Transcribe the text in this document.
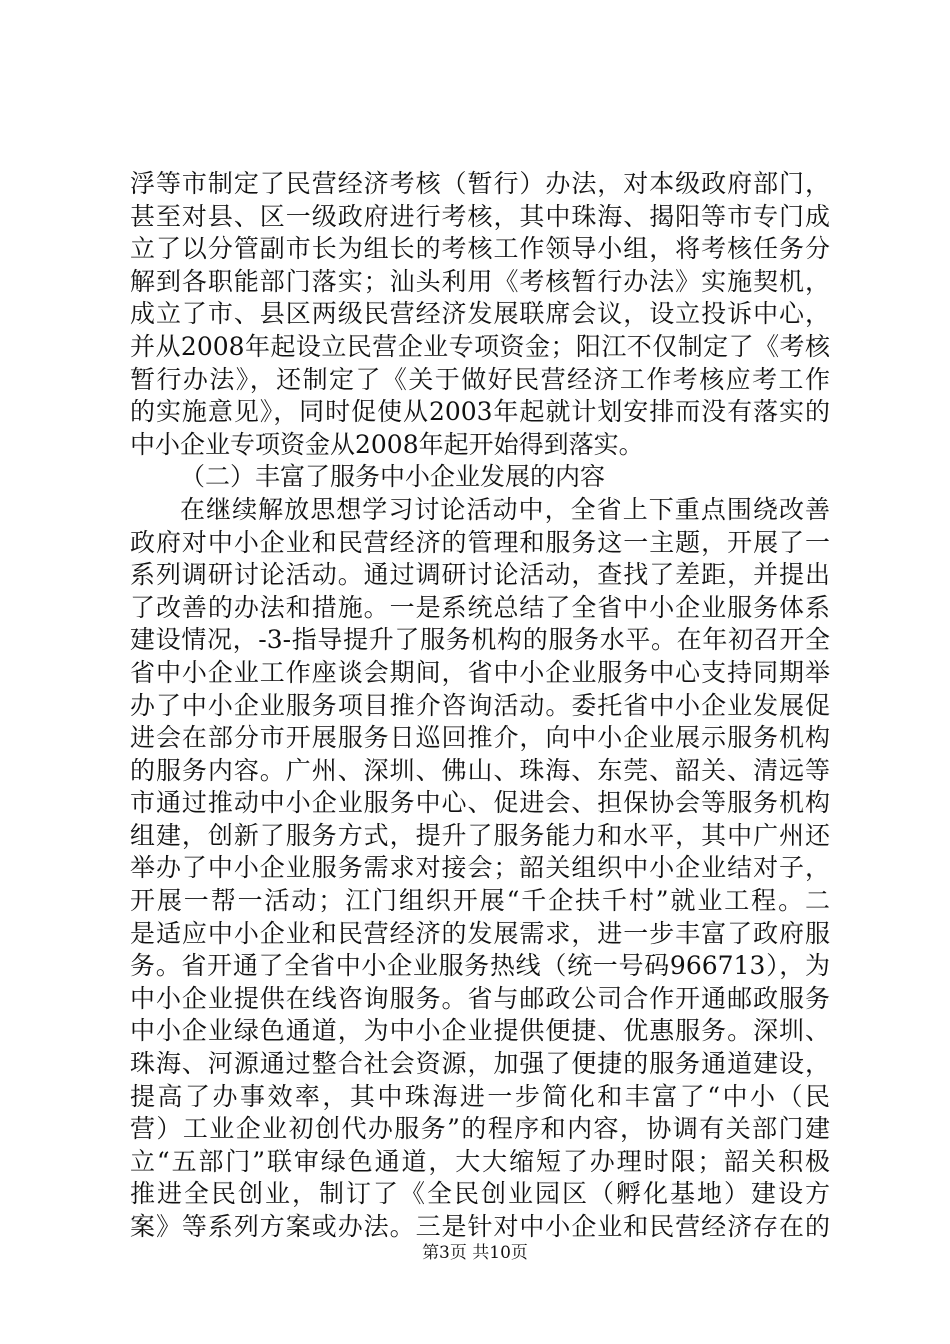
浮等市制定了民营经济考核（暂行）办法，对本级政府部门，
甚至对县、区一级政府进行考核，其中珠海、揭阳等市专门成
立了以分管副市长为组长的考核工作领导小组，将考核任务分
解到各职能部门落实；汕头利用《考核暂行办法》实施契机，
成立了市、县区两级民营经济发展联席会议，设立投诉中心，
并从2008年起设立民营企业专项资金；阳江不仅制定了《考核
暂行办法》，还制定了《关于做好民营经济工作考核应考工作
的实施意见》，同时促使从2003年起就计划安排而没有落实的
中小企业专项资金从2008年起开始得到落实。
（二）丰富了服务中小企业发展的内容
在继续解放思想学习讨论活动中，全省上下重点围绕改善
政府对中小企业和民营经济的管理和服务这一主题，开展了一
系列调研讨论活动。通过调研讨论活动，查找了差距，并提出
了改善的办法和措施。一是系统总结了全省中小企业服务体系
建设情况，-3-指导提升了服务机构的服务水平。在年初召开全
省中小企业工作座谈会期间，省中小企业服务中心支持同期举
办了中小企业服务项目推介咨询活动。委托省中小企业发展促
进会在部分市开展服务日巡回推介，向中小企业展示服务机构
的服务内容。广州、深圳、佛山、珠海、东莞、韶关、清远等
市通过推动中小企业服务中心、促进会、担保协会等服务机构
组建，创新了服务方式，提升了服务能力和水平，其中广州还
举办了中小企业服务需求对接会；韶关组织中小企业结对子，
开展一帮一活动；江门组织开展“千企扶千村”就业工程。二
是适应中小企业和民营经济的发展需求，进一步丰富了政府服
务。省开通了全省中小企业服务热线（统一号码966713），为
中小企业提供在线咨询服务。省与邮政公司合作开通邮政服务
中小企业绿色通道，为中小企业提供便捷、优惠服务。深圳、
珠海、河源通过整合社会资源，加强了便捷的服务通道建设，
提高了办事效率，其中珠海进一步简化和丰富了“中小（民
营）工业企业初创代办服务”的程序和内容，协调有关部门建
立“五部门”联审绿色通道，大大缩短了办理时限；韶关积极
推进全民创业，制订了《全民创业园区（孵化基地）建设方
案》等系列方案或办法。三是针对中小企业和民营经济存在的
第3页 共10页
